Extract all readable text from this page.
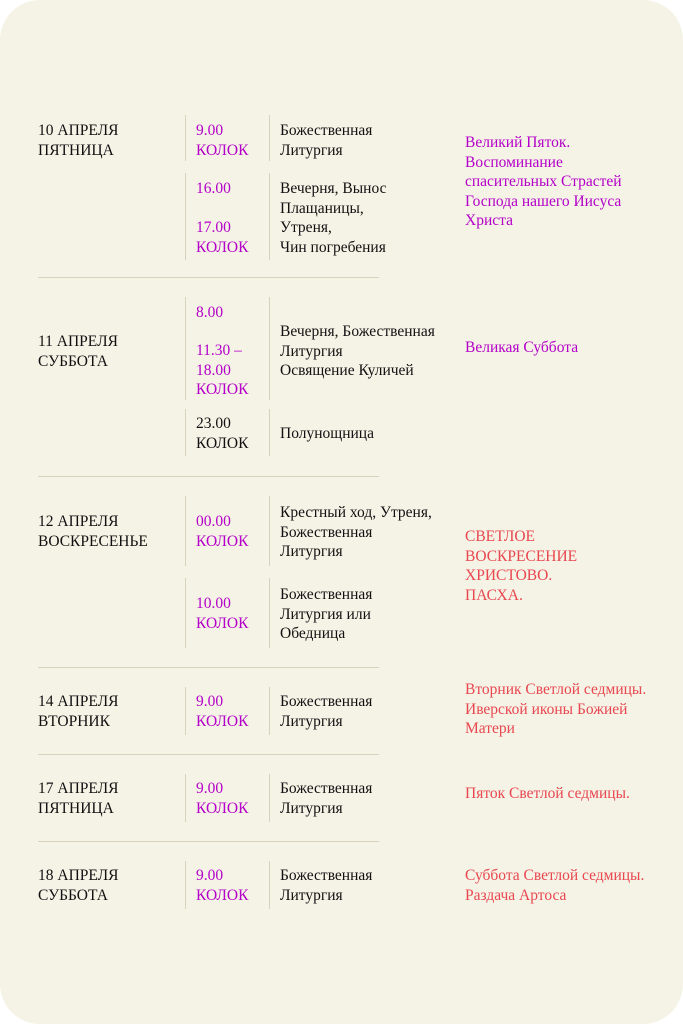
10 АПРЕЛЯ
ПЯТНИЦА
9.00
КОЛОК
Божественная
Литургия
16.00
17.00
КОЛОК
Вечерня, Вынос
Плащаницы,
Утреня,
Чин погребения
Великий Пяток.
Воспоминание
спасительных Страстей
Господа нашего Иисуса
Христа
11 АПРЕЛЯ
СУББОТА
8.00
11.30 –
18.00
КОЛОК
Вечерня, Божественная
Литургия
Освящение Куличей
23.00
КОЛОК
Полунощница
Великая Суббота
12 АПРЕЛЯ
ВОСКРЕСЕНЬЕ
00.00
КОЛОК
Крестный ход, Утреня,
Божественная
Литургия
10.00
КОЛОК
Божественная
Литургия или
Обедница
СВЕТЛОЕ
ВОСКРЕСЕНИЕ
ХРИСТОВО.
ПАСХА.
14 АПРЕЛЯ
ВТОРНИК
9.00
КОЛОК
Божественная
Литургия
Вторник Светлой седмицы.
Иверской иконы Божией
Матери
17 АПРЕЛЯ
ПЯТНИЦА
9.00
КОЛОК
Божественная
Литургия
Пяток Светлой седмицы.
18 АПРЕЛЯ
СУББОТА
9.00
КОЛОК
Божественная
Литургия
Суббота Светлой седмицы.
Раздача Артоса
